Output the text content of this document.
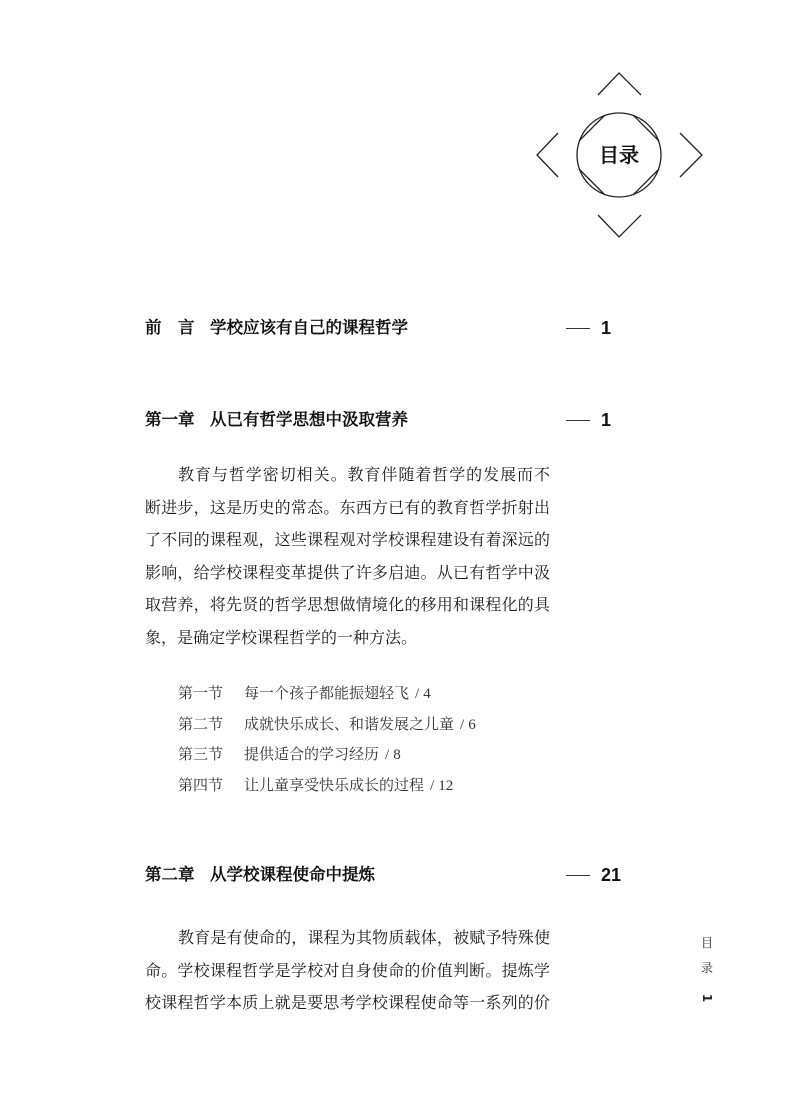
目录
前　言 学校应该有自己的课程哲学	1
第一章 从已有哲学思想中汲取营养	1
教育与哲学密切相关。教育伴随着哲学的发展而不
断进步，这是历史的常态。东西方已有的教育哲学折射出
了不同的课程观，这些课程观对学校课程建设有着深远的
影响，给学校课程变革提供了许多启迪。从已有哲学中汲
取营养，将先贤的哲学思想做情境化的移用和课程化的具
象，是确定学校课程哲学的一种方法。
第一节 每一个孩子都能振翅轻飞 / 4
第二节 成就快乐成长、和谐发展之儿童 / 6
第三节 提供适合的学习经历 / 8
第四节 让儿童享受快乐成长的过程 / 12
第二章 从学校课程使命中提炼	21
教育是有使命的，课程为其物质载体，被赋予特殊使
命。学校课程哲学是学校对自身使命的价值判断。提炼学
校课程哲学本质上就是要思考学校课程使命等一系列的价
目
录
1
